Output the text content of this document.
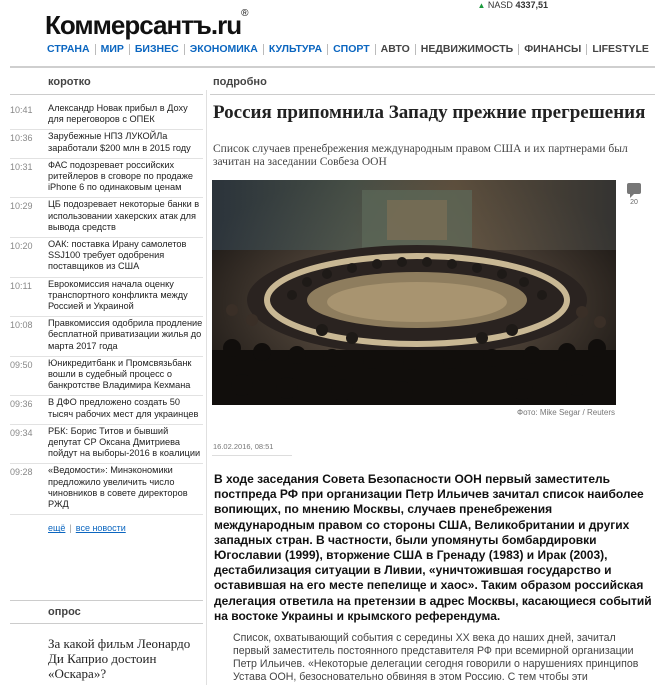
Коммерсантъ.ru®
▲ NASD 4337,51
СТРАНА	МИР	БИЗНЕС	ЭКОНОМИКА	КУЛЬТУРА	СПОРТ	АВТО	НЕДВИЖИМОСТЬ	ФИНАНСЫ	LIFESTYLE
коротко	подробно
10:41	Александр Новак прибыл в Доху для переговоров с ОПЕК
10:36	Зарубежные НПЗ ЛУКОЙЛа заработали $200 млн в 2015 году
10:31	ФАС подозревает российских ритейлеров в сговоре по продаже iPhone 6 по одинаковым ценам
10:29	ЦБ подозревает некоторые банки в использовании хакерских атак для вывода средств
10:20	ОАК: поставка Ирану самолетов SSJ100 требует одобрения поставщиков из США
10:11	Еврокомиссия начала оценку транспортного конфликта между Россией и Украиной
10:08	Правкомиссия одобрила продление бесплатной приватизации жилья до марта 2017 года
09:50	Юникредитбанк и Промсвязьбанк вошли в судебный процесс о банкротстве Владимира Кехмана
09:36	В ДФО предложено создать 50 тысяч рабочих мест для украинцев
09:34	РБК: Борис Титов и бывший депутат СР Оксана Дмитриева пойдут на выборы-2016 в коалиции
09:28	«Ведомости»: Минэкономики предложило увеличить число чиновников в совете директоров РЖД
ещё | все новости
опрос
За какой фильм Леонардо Ди Каприо достоин «Оскара»?
Россия припомнила Западу прежние прегрешения
Список случаев пренебрежения международным правом США и их партнерами был зачитан на заседании Совбеза ООН
Фото: Mike Segar / Reuters
20
16.02.2016, 08:51

В ходе заседания Совета Безопасности ООН первый заместитель постпреда РФ при организации Петр Ильичев зачитал список наиболее вопиющих, по мнению Москвы, случаев пренебрежения международным правом со стороны США, Великобритании и других западных стран. В частности, были упомянуты бомбардировки Югославии (1999), вторжение США в Гренаду (1983) и Ирак (2003), дестабилизация ситуации в Ливии, «уничтожившая государство и оставившая на его месте пепелище и хаос». Таким образом российская делегация ответила на претензии в адрес Москвы, касающиеся событий на востоке Украины и крымского референдума.

Список, охватывающий события с середины XX века до наших дней, зачитал первый заместитель постоянного представителя РФ при всемирной организации Петр Ильичев. «Некоторые делегации сегодня говорили о нарушениях принципов Устава ООН, безосновательно обвиняя в этом Россию. С тем чтобы эти
